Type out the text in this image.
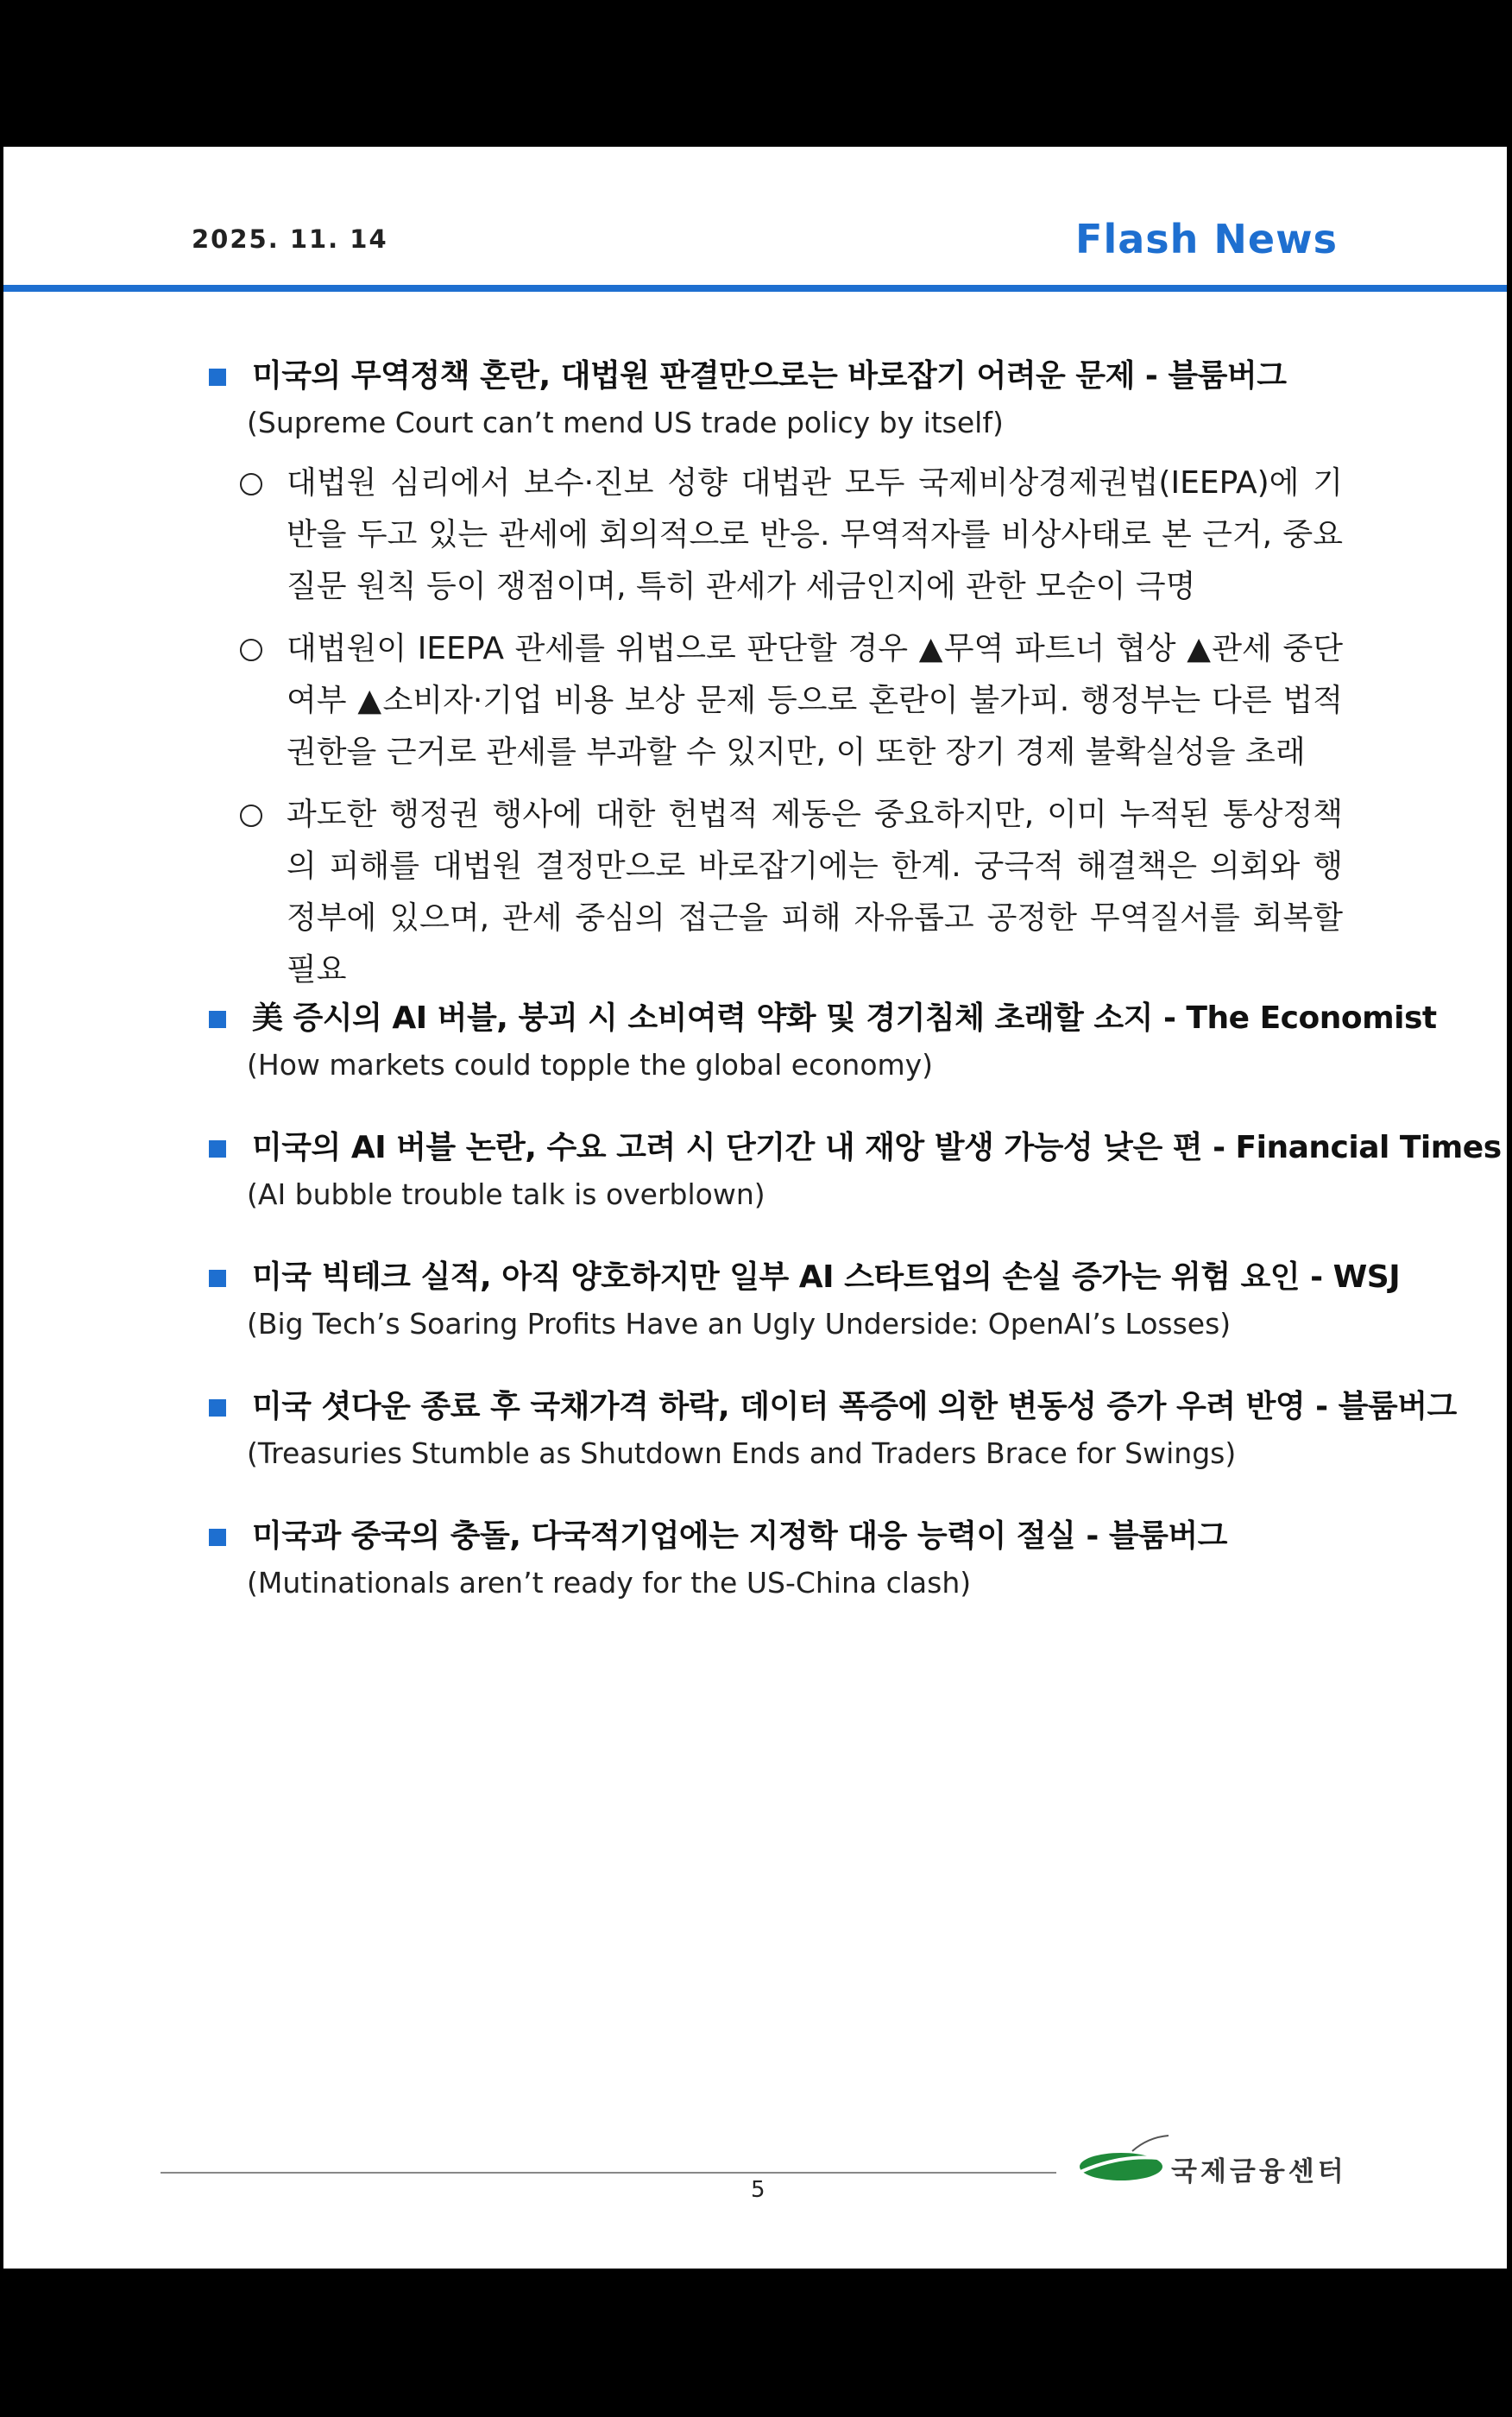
2025. 11. 14	Flash News
미국의 무역정책 혼란, 대법원 판결만으로는 바로잡기 어려운 문제 - 블룸버그
(Supreme Court can’t mend US trade policy by itself)
대법원 심리에서 보수·진보 성향 대법관 모두 국제비상경제권법(IEEPA)에 기반을 두고 있는 관세에 회의적으로 반응. 무역적자를 비상사태로 본 근거, 중요 질문 원칙 등이 쟁점이며, 특히 관세가 세금인지에 관한 모순이 극명
대법원이 IEEPA 관세를 위법으로 판단할 경우 ▲무역 파트너 협상 ▲관세 중단 여부 ▲소비자·기업 비용 보상 문제 등으로 혼란이 불가피. 행정부는 다른 법적 권한을 근거로 관세를 부과할 수 있지만, 이 또한 장기 경제 불확실성을 초래
과도한 행정권 행사에 대한 헌법적 제동은 중요하지만, 이미 누적된 통상정책의 피해를 대법원 결정만으로 바로잡기에는 한계. 궁극적 해결책은 의회와 행정부에 있으며, 관세 중심의 접근을 피해 자유롭고 공정한 무역질서를 회복할 필요
美 증시의 AI 버블, 붕괴 시 소비여력 약화 및 경기침체 초래할 소지 - The Economist
(How markets could topple the global economy)
미국의 AI 버블 논란, 수요 고려 시 단기간 내 재앙 발생 가능성 낮은 편 - Financial Times
(AI bubble trouble talk is overblown)
미국 빅테크 실적, 아직 양호하지만 일부 AI 스타트업의 손실 증가는 위험 요인 - WSJ
(Big Tech’s Soaring Profits Have an Ugly Underside: OpenAI’s Losses)
미국 셧다운 종료 후 국채가격 하락, 데이터 폭증에 의한 변동성 증가 우려 반영 - 블룸버그
(Treasuries Stumble as Shutdown Ends and Traders Brace for Swings)
미국과 중국의 충돌, 다국적기업에는 지정학 대응 능력이 절실 - 블룸버그
(Mutinationals aren’t ready for the US-China clash)
국제금융센터
5
